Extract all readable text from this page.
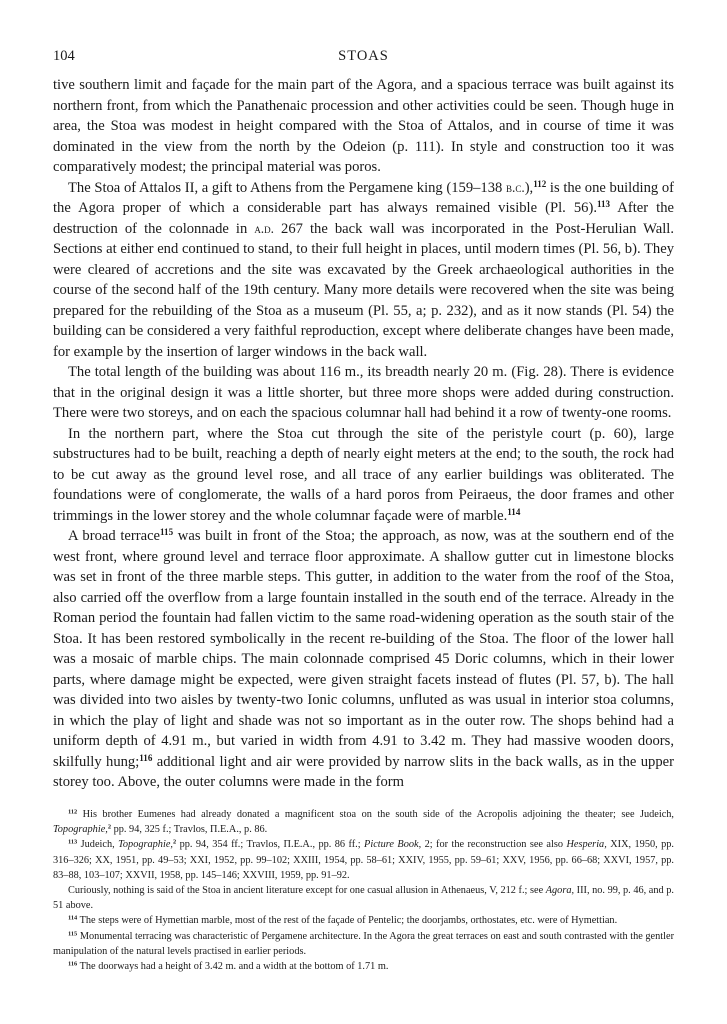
104	STOAS

tive southern limit and façade for the main part of the Agora, and a spacious terrace was built against its northern front, from which the Panathenaic procession and other activities could be seen. Though huge in area, the Stoa was modest in height compared with the Stoa of Attalos, and in course of time it was dominated in the view from the north by the Odeion (p. 111). In style and construction too it was comparatively modest; the principal material was poros.

The Stoa of Attalos II, a gift to Athens from the Pergamene king (159–138 b.c.),$^{112}$ is the one building of the Agora proper of which a considerable part has always remained visible (Pl. 56).$^{113}$ After the destruction of the colonnade in a.d. 267 the back wall was incorporated in the Post-Herulian Wall. Sections at either end continued to stand, to their full height in places, until modern times (Pl. 56, b). They were cleared of accretions and the site was excavated by the Greek archaeological authorities in the course of the second half of the 19th century. Many more details were recovered when the site was being prepared for the rebuilding of the Stoa as a museum (Pl. 55, a; p. 232), and as it now stands (Pl. 54) the building can be considered a very faithful reproduction, except where deliberate changes have been made, for example by the insertion of larger windows in the back wall.

The total length of the building was about 116 m., its breadth nearly 20 m. (Fig. 28). There is evidence that in the original design it was a little shorter, but three more shops were added during construction. There were two storeys, and on each the spacious columnar hall had behind it a row of twenty-one rooms.

In the northern part, where the Stoa cut through the site of the peristyle court (p. 60), large substructures had to be built, reaching a depth of nearly eight meters at the end; to the south, the rock had to be cut away as the ground level rose, and all trace of any earlier buildings was obliterated. The foundations were of conglomerate, the walls of a hard poros from Peiraeus, the door frames and other trimmings in the lower storey and the whole columnar façade were of marble.$^{114}$

A broad terrace$^{115}$ was built in front of the Stoa; the approach, as now, was at the southern end of the west front, where ground level and terrace floor approximate. A shallow gutter cut in limestone blocks was set in front of the three marble steps. This gutter, in addition to the water from the roof of the Stoa, also carried off the overflow from a large fountain installed in the south end of the terrace. Already in the Roman period the fountain had fallen victim to the same road-widening operation as the south stair of the Stoa. It has been restored symbolically in the recent re-building of the Stoa. The floor of the lower hall was a mosaic of marble chips. The main colonnade comprised 45 Doric columns, which in their lower parts, where damage might be expected, were given straight facets instead of flutes (Pl. 57, b). The hall was divided into two aisles by twenty-two Ionic columns, unfluted as was usual in interior stoa columns, in which the play of light and shade was not so important as in the outer row. The shops behind had a uniform depth of 4.91 m., but varied in width from 4.91 to 3.42 m. They had massive wooden doors, skilfully hung;$^{116}$ additional light and air were provided by narrow slits in the back walls, as in the upper storey too. Above, the outer columns were made in the form

$^{112}$ His brother Eumenes had already donated a magnificent stoa on the south side of the Acropolis adjoining the theater; see Judeich, Topographie,$^2$ pp. 94, 325 f.; Travlos, Π.Ε.Α., p. 86.

$^{113}$ Judeich, Topographie,$^2$ pp. 94, 354 ff.; Travlos, Π.Ε.Α., pp. 86 ff.; Picture Book, 2; for the reconstruction see also Hesperia, XIX, 1950, pp. 316–326; XX, 1951, pp. 49–53; XXI, 1952, pp. 99–102; XXIII, 1954, pp. 58–61; XXIV, 1955, pp. 59–61; XXV, 1956, pp. 66–68; XXVI, 1957, pp. 83–88, 103–107; XXVII, 1958, pp. 145–146; XXVIII, 1959, pp. 91–92.

Curiously, nothing is said of the Stoa in ancient literature except for one casual allusion in Athenaeus, V, 212 f.; see Agora, III, no. 99, p. 46, and p. 51 above.

$^{114}$ The steps were of Hymettian marble, most of the rest of the façade of Pentelic; the doorjambs, orthostates, etc. were of Hymettian.

$^{115}$ Monumental terracing was characteristic of Pergamene architecture. In the Agora the great terraces on east and south contrasted with the gentler manipulation of the natural levels practised in earlier periods.

$^{116}$ The doorways had a height of 3.42 m. and a width at the bottom of 1.71 m.
